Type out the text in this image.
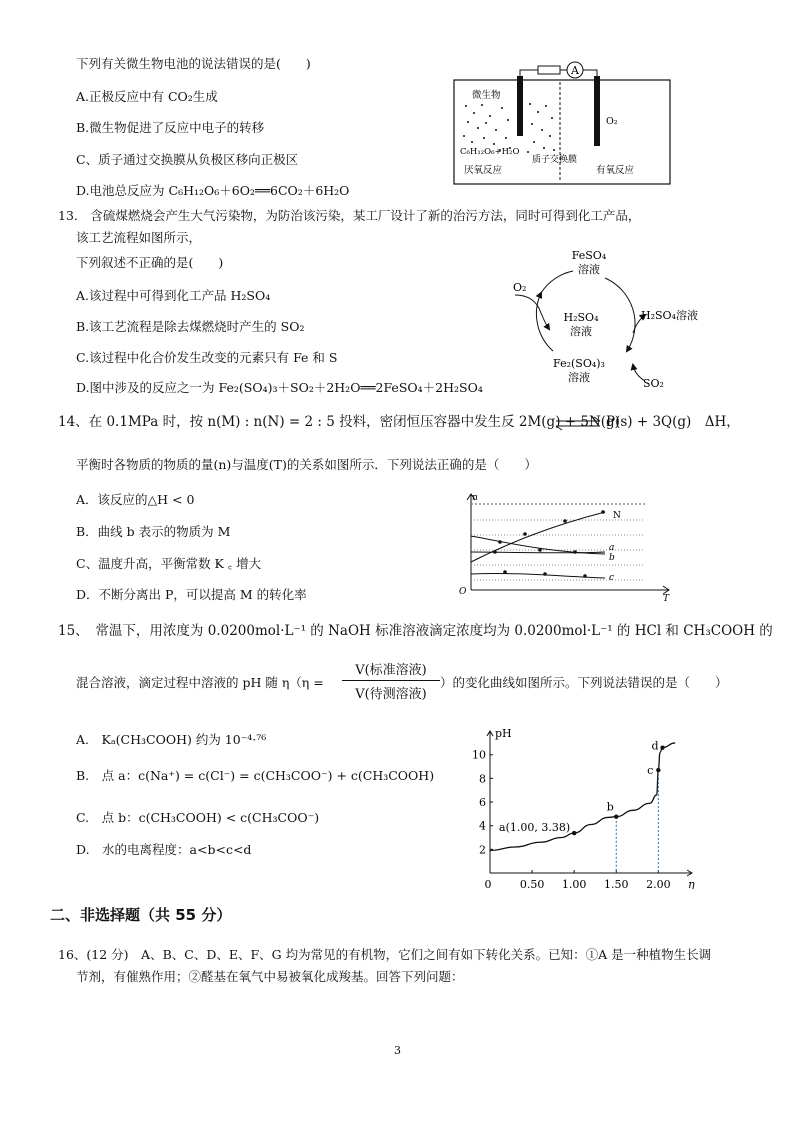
下列有关微生物电池的说法错误的是(　　)
A.正极反应中有 CO₂生成
B.微生物促进了反应中电子的转移
C、质子通过交换膜从负极区移向正极区
D.电池总反应为 C₆H₁₂O₆＋6O₂══6CO₂＋6H₂O
A
微生物
O₂
C₆H₁₂O₆+H₂O
质子交换膜
厌氧反应	有氧反应
13.　含硫煤燃烧会产生大气污染物，为防治该污染，某工厂设计了新的治污方法，同时可得到化工产品，
该工艺流程如图所示，
下列叙述不正确的是(　　)
A.该过程中可得到化工产品 H₂SO₄
B.该工艺流程是除去煤燃烧时产生的 SO₂
C.该过程中化合价发生改变的元素只有 Fe 和 S
D.图中涉及的反应之一为 Fe₂(SO₄)₃＋SO₂＋2H₂O══2FeSO₄＋2H₂SO₄
FeSO₄
溶液
O₂
H₂SO₄
溶液
H₂SO₄溶液
Fe₂(SO₄)₃
溶液	SO₂
14、在 0.1MPa 时，按 n(M) : n(N) = 2 : 5 投料，密闭恒压容器中发生反 2M(g) + 5N(g) ⇌ P(s) + 3Q(g)　ΔH，
平衡时各物质的物质的量(n)与温度(T)的关系如图所示．下列说法正确的是（　　）
A．该反应的△H < 0
B．曲线 b 表示的物质为 M
C、温度升高，平衡常数 K ꜀ 增大
D．不断分离出 P，可以提高 M 的转化率
n
T
O
N
a
b
c
15、　常温下，用浓度为 0.0200mol·L⁻¹ 的 NaOH 标准溶液滴定浓度均为 0.0200mol·L⁻¹ 的 HCl 和 CH₃COOH 的
混合溶液，滴定过程中溶液的 pH 随 η（η =
V(标准溶液)
V(待测溶液)
）的变化曲线如图所示。下列说法错误的是（　　）
A.　Kₐ(CH₃COOH) 约为 10⁻⁴·⁷⁶
B.　点 a：c(Na⁺) = c(Cl⁻) = c(CH₃COO⁻) + c(CH₃COOH)
C.　点 b：c(CH₃COOH) < c(CH₃COO⁻)
D.　水的电离程度：a<b<c<d
pH
η
0	0.50 1.00 1.50 2.00
2
4
6
8
10
a(1.00, 3.38)
b
c
d
二、非选择题（共 55 分）
16、(12 分)　A、B、C、D、E、F、G 均为常见的有机物，它们之间有如下转化关系。已知：①A 是一种植物生长调
节剂，有催熟作用；②醛基在氧气中易被氧化成羧基。回答下列问题：
3
